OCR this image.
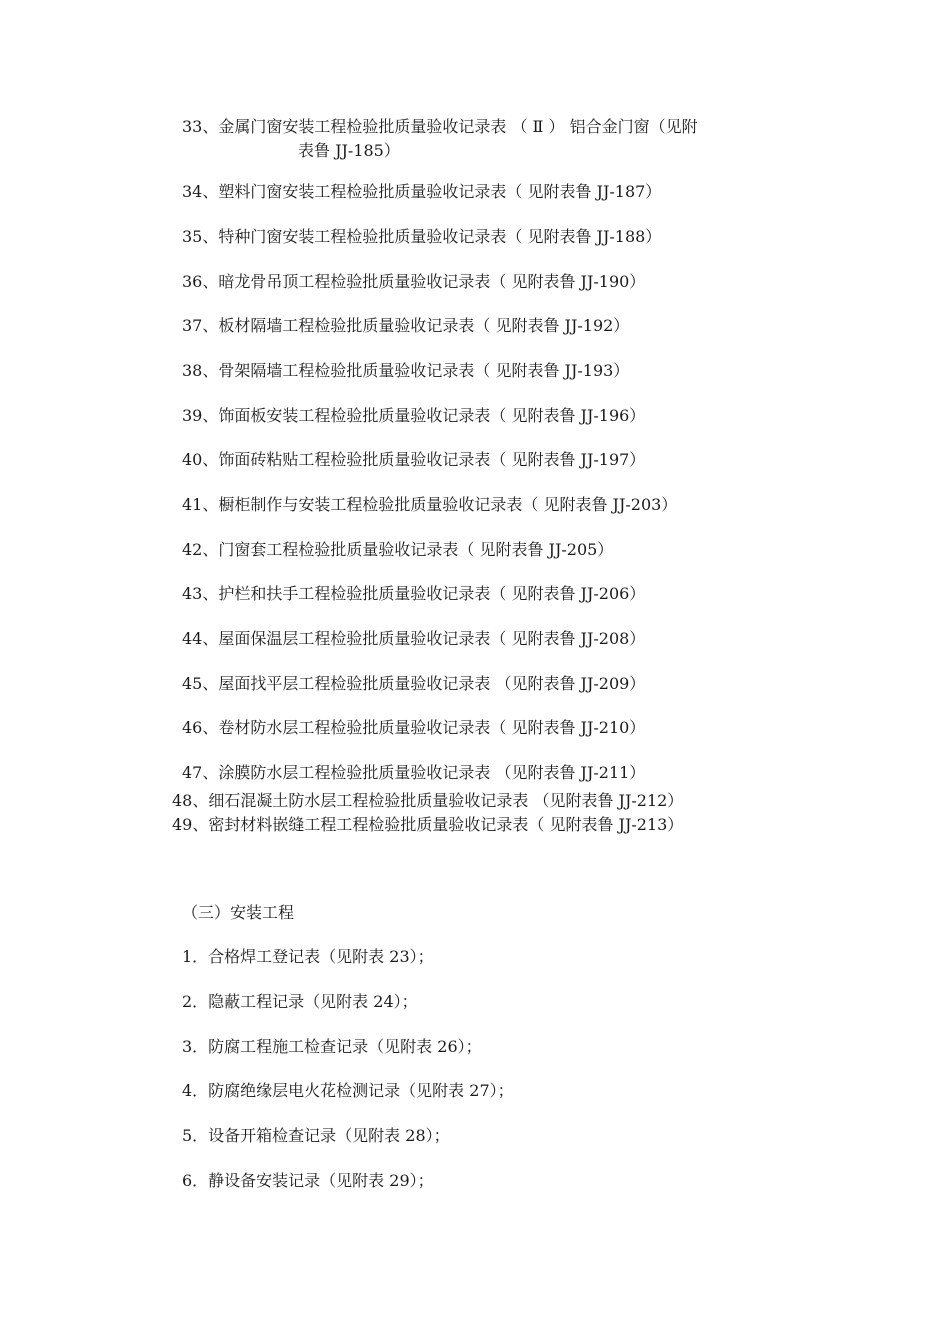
33、金属门窗安装工程检验批质量验收记录表 （ Ⅱ ） 铝合金门窗（见附
表鲁 JJ-185）
34、塑料门窗安装工程检验批质量验收记录表（ 见附表鲁 JJ-187）
35、特种门窗安装工程检验批质量验收记录表（ 见附表鲁 JJ-188）
36、暗龙骨吊顶工程检验批质量验收记录表（ 见附表鲁 JJ-190）
37、板材隔墙工程检验批质量验收记录表（ 见附表鲁 JJ-192）
38、骨架隔墙工程检验批质量验收记录表（ 见附表鲁 JJ-193）
39、饰面板安装工程检验批质量验收记录表（ 见附表鲁 JJ-196）
40、饰面砖粘贴工程检验批质量验收记录表（ 见附表鲁 JJ-197）
41、橱柜制作与安装工程检验批质量验收记录表（ 见附表鲁 JJ-203）
42、门窗套工程检验批质量验收记录表（ 见附表鲁 JJ-205）
43、护栏和扶手工程检验批质量验收记录表（ 见附表鲁 JJ-206）
44、屋面保温层工程检验批质量验收记录表（ 见附表鲁 JJ-208）
45、屋面找平层工程检验批质量验收记录表 （见附表鲁 JJ-209）
46、卷材防水层工程检验批质量验收记录表（ 见附表鲁 JJ-210）
47、涂膜防水层工程检验批质量验收记录表 （见附表鲁 JJ-211）
48、细石混凝土防水层工程检验批质量验收记录表 （见附表鲁 JJ-212）
49、密封材料嵌缝工程工程检验批质量验收记录表（ 见附表鲁 JJ-213）
（三）安装工程
1．合格焊工登记表（见附表 23）；
2．隐蔽工程记录（见附表 24）；
3．防腐工程施工检查记录（见附表 26）；
4．防腐绝缘层电火花检测记录（见附表 27）；
5．设备开箱检查记录（见附表 28）；
6．静设备安装记录（见附表 29）；
